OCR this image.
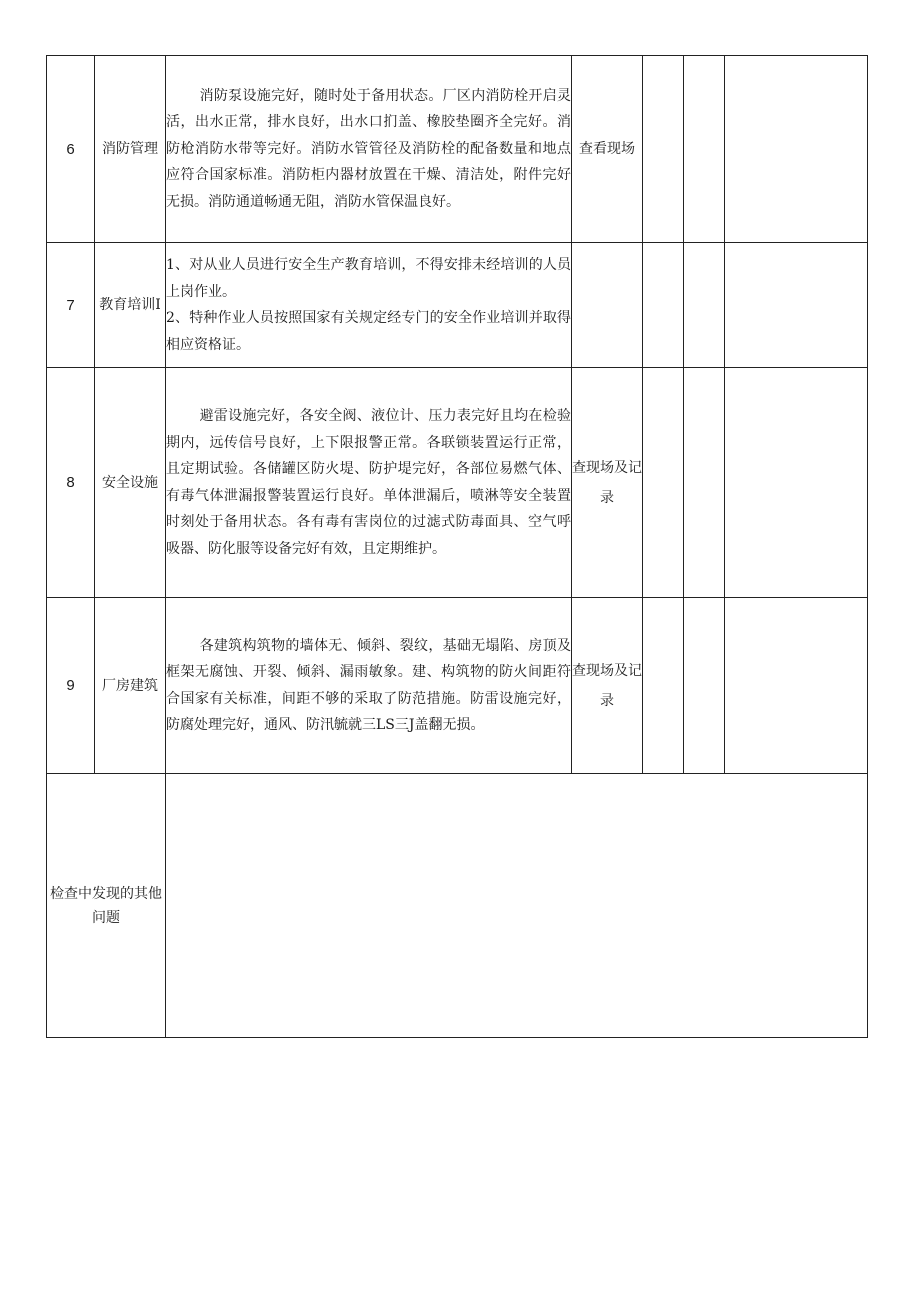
6	消防管理	消防泵设施完好，随时处于备用状态。厂区内消防栓开启灵活，出水正常，排水良好，出水口扪盖、橡胶垫圈齐全完好。消防枪消防水带等完好。消防水管管径及消防栓的配备数量和地点应符合国家标准。消防柜内器材放置在干燥、清洁处，附件完好无损。消防通道畅通无阻，消防水管保温良好。	查看现场			
7	教育培训I	1、对从业人员进行安全生产教育培训，不得安排未经培训的人员上岗作业。

2、特种作业人员按照国家有关规定经专门的安全作业培训并取得相应资格证。				

8	安全设施	避雷设施完好，各安全阀、液位计、压力表完好且均在检验期内，远传信号良好，上下限报警正常。各联锁装置运行正常，且定期试验。各储罐区防火堤、防护堤完好，各部位易燃气体、有毒气体泄漏报警装置运行良好。单体泄漏后，喷淋等安全装置时刻处于备用状态。各有毒有害岗位的过滤式防毒面具、空气呼吸器、防化服等设备完好有效，且定期维护。	查现场及记录			
9	厂房建筑	各建筑构筑物的墙体无、倾斜、裂纹，基础无塌陷、房顶及框架无腐蚀、开裂、倾斜、漏雨敏象。建、构筑物的防火间距符合国家有关标准，间距不够的采取了防范措施。防雷设施完好，防腐处理完好，通风、防汛毓就三LS三J盖翻无损。	查现场及记录			
检查中发现的其他问题						
